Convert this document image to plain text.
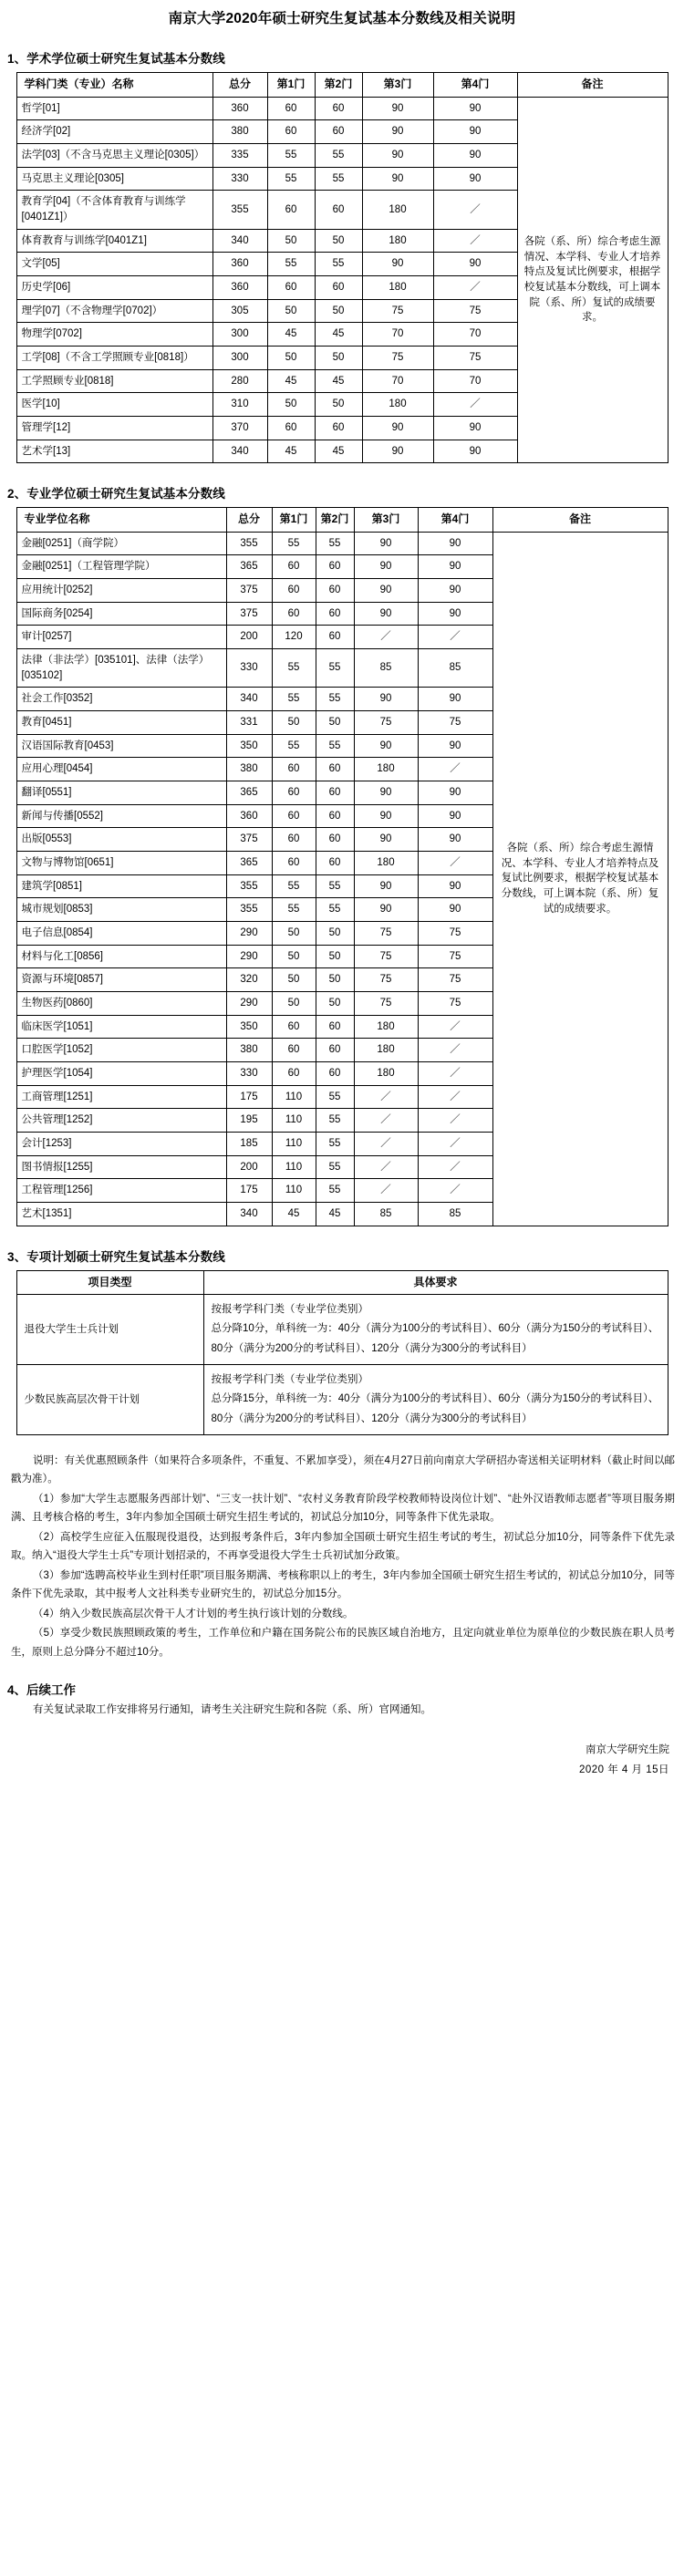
南京大学2020年硕士研究生复试基本分数线及相关说明
1、学术学位硕士研究生复试基本分数线
学科门类（专业）名称	总分	第1门	第2门	第3门	第4门	备注
哲学[01]	360	60	60	90	90	各院（系、所）综合考虑生源情况、本学科、专业人才培养特点及复试比例要求，根据学校复试基本分数线，可上调本院（系、所）复试的成绩要求。
经济学[02]	380	60	60	90	90	
法学[03]（不含马克思主义理论[0305]）	335	55	55	90	90	
马克思主义理论[0305]	330	55	55	90	90	
教育学[04]（不含体育教育与训练学[0401Z1]）	355	60	60	180	／	
体育教育与训练学[0401Z1]	340	50	50	180	／	
文学[05]	360	55	55	90	90	
历史学[06]	360	60	60	180	／	
理学[07]（不含物理学[0702]）	305	50	50	75	75	
物理学[0702]	300	45	45	70	70	
工学[08]（不含工学照顾专业[0818]）	300	50	50	75	75	
工学照顾专业[0818]	280	45	45	70	70	
医学[10]	310	50	50	180	／	
管理学[12]	370	60	60	90	90	
艺术学[13]	340	45	45	90	90	
2、专业学位硕士研究生复试基本分数线
专业学位名称	总分	第1门	第2门	第3门	第4门	备注
金融[0251]（商学院）	355	55	55	90	90	各院（系、所）综合考虑生源情况、本学科、专业人才培养特点及复试比例要求，根据学校复试基本分数线，可上调本院（系、所）复试的成绩要求。
金融[0251]（工程管理学院）	365	60	60	90	90	
应用统计[0252]	375	60	60	90	90	
国际商务[0254]	375	60	60	90	90	
审计[0257]	200	120	60	／	／	
法律（非法学）[035101]、法律（法学）[035102]	330	55	55	85	85	
社会工作[0352]	340	55	55	90	90	
教育[0451]	331	50	50	75	75	
汉语国际教育[0453]	350	55	55	90	90	
应用心理[0454]	380	60	60	180	／	
翻译[0551]	365	60	60	90	90	
新闻与传播[0552]	360	60	60	90	90	
出版[0553]	375	60	60	90	90	
文物与博物馆[0651]	365	60	60	180	／	
建筑学[0851]	355	55	55	90	90	
城市规划[0853]	355	55	55	90	90	
电子信息[0854]	290	50	50	75	75	
材料与化工[0856]	290	50	50	75	75	
资源与环境[0857]	320	50	50	75	75	
生物医药[0860]	290	50	50	75	75	
临床医学[1051]	350	60	60	180	／	
口腔医学[1052]	380	60	60	180	／	
护理医学[1054]	330	60	60	180	／	
工商管理[1251]	175	110	55	／	／	
公共管理[1252]	195	110	55	／	／	
会计[1253]	185	110	55	／	／	
图书情报[1255]	200	110	55	／	／	
工程管理[1256]	175	110	55	／	／	
艺术[1351]	340	45	45	85	85	
3、专项计划硕士研究生复试基本分数线
项目类型	具体要求
退役大学生士兵计划	按报考学科门类（专业学位类别）
总分降10分，单科统一为：40分（满分为100分的考试科目）、60分（满分为150分的考试科目）、80分（满分为200分的考试科目）、120分（满分为300分的考试科目）
少数民族高层次骨干计划	按报考学科门类（专业学位类别）
总分降15分，单科统一为：40分（满分为100分的考试科目）、60分（满分为150分的考试科目）、80分（满分为200分的考试科目）、120分（满分为300分的考试科目）

说明：有关优惠照顾条件（如果符合多项条件，不重复、不累加享受），须在4月27日前向南京大学研招办寄送相关证明材料（截止时间以邮戳为准）。

（1）参加“大学生志愿服务西部计划”、“三支一扶计划”、“农村义务教育阶段学校教师特设岗位计划”、“赴外汉语教师志愿者”等项目服务期满、且考核合格的考生，3年内参加全国硕士研究生招生考试的，初试总分加10分，同等条件下优先录取。

（2）高校学生应征入伍服现役退役，达到报考条件后，3年内参加全国硕士研究生招生考试的考生，初试总分加10分，同等条件下优先录取。纳入“退役大学生士兵”专项计划招录的，不再享受退役大学生士兵初试加分政策。

（3）参加“选聘高校毕业生到村任职”项目服务期满、考核称职以上的考生，3年内参加全国硕士研究生招生考试的，初试总分加10分，同等条件下优先录取，其中报考人文社科类专业研究生的，初试总分加15分。

（4）纳入少数民族高层次骨干人才计划的考生执行该计划的分数线。

（5）享受少数民族照顾政策的考生，工作单位和户籍在国务院公布的民族区域自治地方，且定向就业单位为原单位的少数民族在职人员考生，原则上总分降分不超过10分。

4、后续工作
有关复试录取工作安排将另行通知，请考生关注研究生院和各院（系、所）官网通知。
南京大学研究生院
2020 年 4 月 15日
